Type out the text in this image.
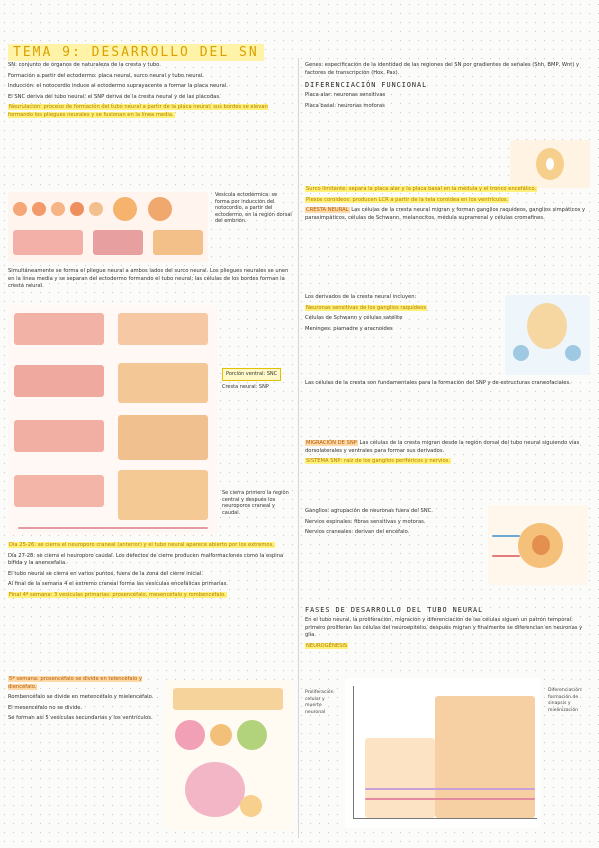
TEMA 9: DESARROLLO DEL SN

SN: conjunto de órganos de naturaleza de la cresta y tubo.

Formación a partir del ectodermo: placa neural, surco neural y tubo neural.

Inducción: el notocordio induce al ectodermo suprayacente a formar la placa neural.

El SNC deriva del tubo neural; el SNP deriva de la cresta neural y de las placodas.

Neurulación: proceso de formación del tubo neural a partir de la placa neural; sus bordes se elevan formando los pliegues neurales y se fusionan en la línea media.

Vesícula ectodérmica: se forma por inducción del notocordio, a partir del ectodermo, en la región dorsal del embrión.

Simultáneamente se forma el pliegue neural a ambos lados del surco neural. Los pliegues neurales se unen en la línea media y se separan del ectodermo formando el tubo neural; las células de los bordes forman la cresta neural.

Porción ventral: SNC
Cresta neural: SNP
Se cierra primero la región central y después los neuroporos craneal y caudal.

Día 25-26: se cierra el neuroporo craneal (anterior) y el tubo neural aparece abierto por los extremos.

Día 27-28: se cierra el neuroporo caudal. Los defectos de cierre producen malformaciones como la espina bífida y la anencefalia.

El tubo neural se cierra en varios puntos, fuera de la zona del cierre inicial.

Al final de la semana 4 el extremo craneal forma las vesículas encefálicas primarias.

Final 4ª semana: 3 vesículas primarias: prosencéfalo, mesencéfalo y rombencéfalo.

5ª semana: prosencéfalo se divide en telencéfalo y diencéfalo.

Rombencéfalo se divide en metencéfalo y mielencéfalo.

El mesencéfalo no se divide.

Se forman así 5 vesículas secundarias y los ventrículos.

Genes: especificación de la identidad de las regiones del SN por gradientes de señales (Shh, BMP, Wnt) y factores de transcripción (Hox, Pax).

DIFERENCIACIÓN FUNCIONAL

Placa alar: neuronas sensitivas

Placa basal: neuronas motoras

Surco limitante: separa la placa alar y la placa basal en la médula y el tronco encefálico.

Plexos coroideos: producen LCR a partir de la tela coroidea en los ventrículos.

CRESTA NEURAL Las células de la cresta neural migran y forman ganglios raquídeos, ganglios simpáticos y parasimpáticos, células de Schwann, melanocitos, médula suprarrenal y células cromafines.

Los derivados de la cresta neural incluyen:

Neuronas sensitivas de los ganglios raquídeos

Células de Schwann y células satélite

Meninges: piamadre y aracnoides

Las células de la cresta son fundamentales para la formación del SNP y de estructuras craneofaciales.

MIGRACIÓN DE SNP Las células de la cresta migran desde la región dorsal del tubo neural siguiendo vías dorsolaterales y ventrales para formar sus derivados.

SISTEMA SNP: raíz de los ganglios periféricos y nervios.

Ganglios: agrupación de neuronas fuera del SNC.

Nervios espinales: fibras sensitivas y motoras.

Nervios craneales: derivan del encéfalo.

FASES DE DESARROLLO DEL TUBO NEURAL

En el tubo neural, la proliferación, migración y diferenciación de las células siguen un patrón temporal: primero proliferan las células del neuroepitelio, después migran y finalmente se diferencian en neuronas y glía.

NEUROGÉNESIS

Proliferación celular y muerte neuronal
Diferenciación: formación de sinapsis y mielinización
